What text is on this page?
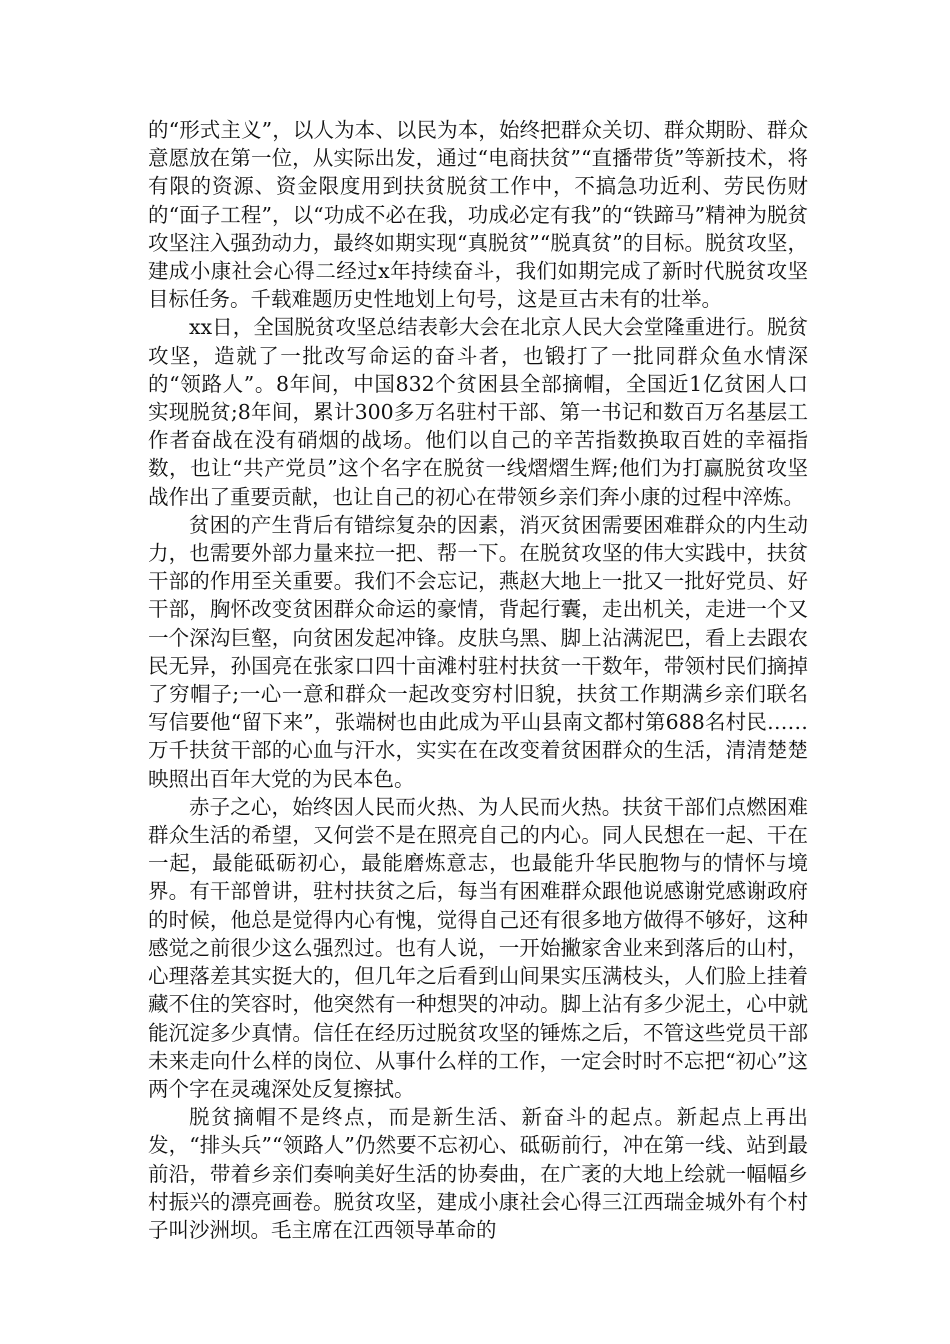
的“形式主义”，以人为本、以民为本，始终把群众关切、群众期盼、群众意愿放在第一位，从实际出发，通过“电商扶贫”“直播带货”等新技术，将有限的资源、资金限度用到扶贫脱贫工作中，不搞急功近利、劳民伤财的“面子工程”，以“功成不必在我，功成必定有我”的“铁蹄马”精神为脱贫攻坚注入强劲动力，最终如期实现“真脱贫”“脱真贫”的目标。脱贫攻坚，建成小康社会心得二经过x年持续奋斗，我们如期完成了新时代脱贫攻坚目标任务。千载难题历史性地划上句号，这是亘古未有的壮举。

xx日，全国脱贫攻坚总结表彰大会在北京人民大会堂隆重进行。脱贫攻坚，造就了一批改写命运的奋斗者，也锻打了一批同群众鱼水情深的“领路人”。8年间，中国832个贫困县全部摘帽，全国近1亿贫困人口实现脱贫;8年间，累计300多万名驻村干部、第一书记和数百万名基层工作者奋战在没有硝烟的战场。他们以自己的辛苦指数换取百姓的幸福指数，也让“共产党员”这个名字在脱贫一线熠熠生辉;他们为打赢脱贫攻坚战作出了重要贡献，也让自己的初心在带领乡亲们奔小康的过程中淬炼。

贫困的产生背后有错综复杂的因素，消灭贫困需要困难群众的内生动力，也需要外部力量来拉一把、帮一下。在脱贫攻坚的伟大实践中，扶贫干部的作用至关重要。我们不会忘记，燕赵大地上一批又一批好党员、好干部，胸怀改变贫困群众命运的豪情，背起行囊，走出机关，走进一个又一个深沟巨壑，向贫困发起冲锋。皮肤乌黑、脚上沾满泥巴，看上去跟农民无异，孙国亮在张家口四十亩滩村驻村扶贫一干数年，带领村民们摘掉了穷帽子;一心一意和群众一起改变穷村旧貌，扶贫工作期满乡亲们联名写信要他“留下来”，张端树也由此成为平山县南文都村第688名村民……万千扶贫干部的心血与汗水，实实在在改变着贫困群众的生活，清清楚楚映照出百年大党的为民本色。

赤子之心，始终因人民而火热、为人民而火热。扶贫干部们点燃困难群众生活的希望，又何尝不是在照亮自己的内心。同人民想在一起、干在一起，最能砥砺初心，最能磨炼意志，也最能升华民胞物与的情怀与境界。有干部曾讲，驻村扶贫之后，每当有困难群众跟他说感谢党感谢政府的时候，他总是觉得内心有愧，觉得自己还有很多地方做得不够好，这种感觉之前很少这么强烈过。也有人说，一开始撇家舍业来到落后的山村，心理落差其实挺大的，但几年之后看到山间果实压满枝头，人们脸上挂着藏不住的笑容时，他突然有一种想哭的冲动。脚上沾有多少泥土，心中就能沉淀多少真情。信任在经历过脱贫攻坚的锤炼之后，不管这些党员干部未来走向什么样的岗位、从事什么样的工作，一定会时时不忘把“初心”这两个字在灵魂深处反复擦拭。

脱贫摘帽不是终点，而是新生活、新奋斗的起点。新起点上再出发，“排头兵”“领路人”仍然要不忘初心、砥砺前行，冲在第一线、站到最前沿，带着乡亲们奏响美好生活的协奏曲，在广袤的大地上绘就一幅幅乡村振兴的漂亮画卷。脱贫攻坚，建成小康社会心得三江西瑞金城外有个村子叫沙洲坝。毛主席在江西领导革命的
